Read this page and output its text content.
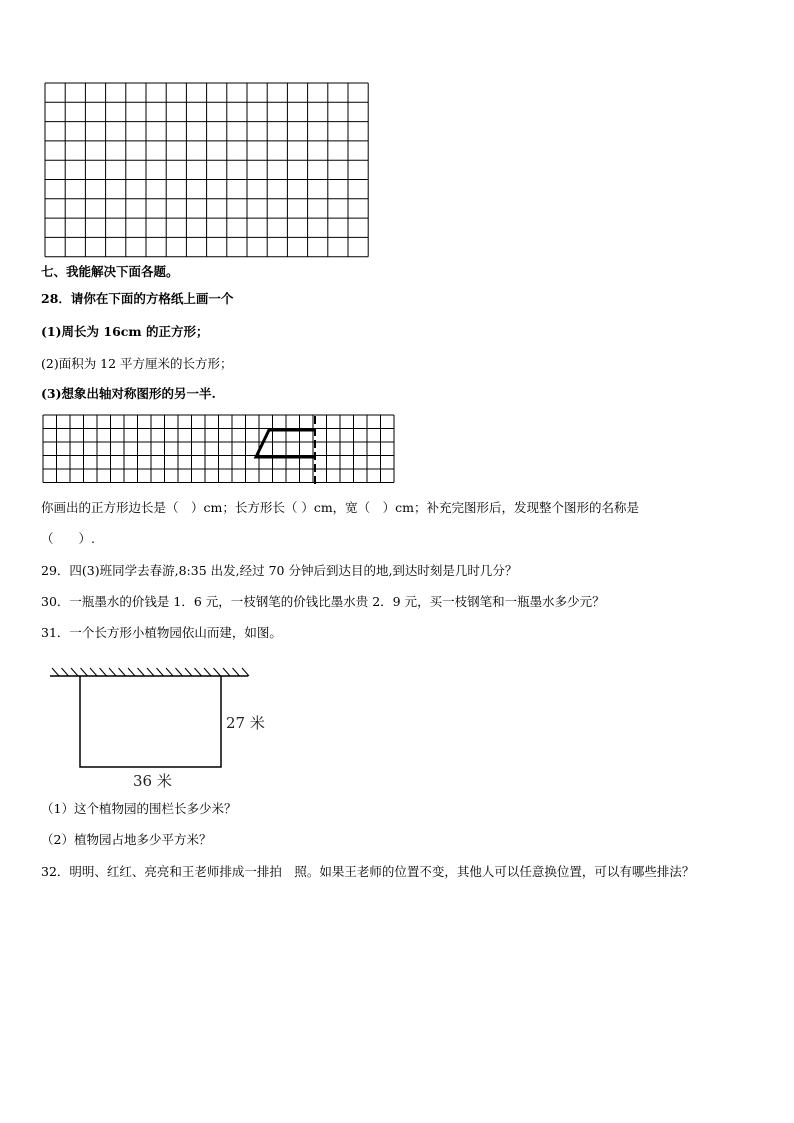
七、我能解决下面各题。
28．请你在下面的方格纸上画一个
(1)周长为 16cm 的正方形；
(2)面积为 12 平方厘米的长方形；
(3)想象出轴对称图形的另一半.
你画出的正方形边长是（　）cm；长方形长（ ）cm，宽（　）cm；补充完图形后，发现整个图形的名称是
（　　）.
29．四(3)班同学去春游,8:35 出发,经过 70 分钟后到达目的地,到达时刻是几时几分？
30．一瓶墨水的价钱是 1．6 元，一枝钢笔的价钱比墨水贵 2．9 元，买一枝钢笔和一瓶墨水多少元？
31．一个长方形小植物园依山而建，如图。
27 米
36 米
（1）这个植物园的围栏长多少米？
（2）植物园占地多少平方米？
32．明明、红红、亮亮和王老师排成一排拍　照。如果王老师的位置不变，其他人可以任意换位置，可以有哪些排法？
